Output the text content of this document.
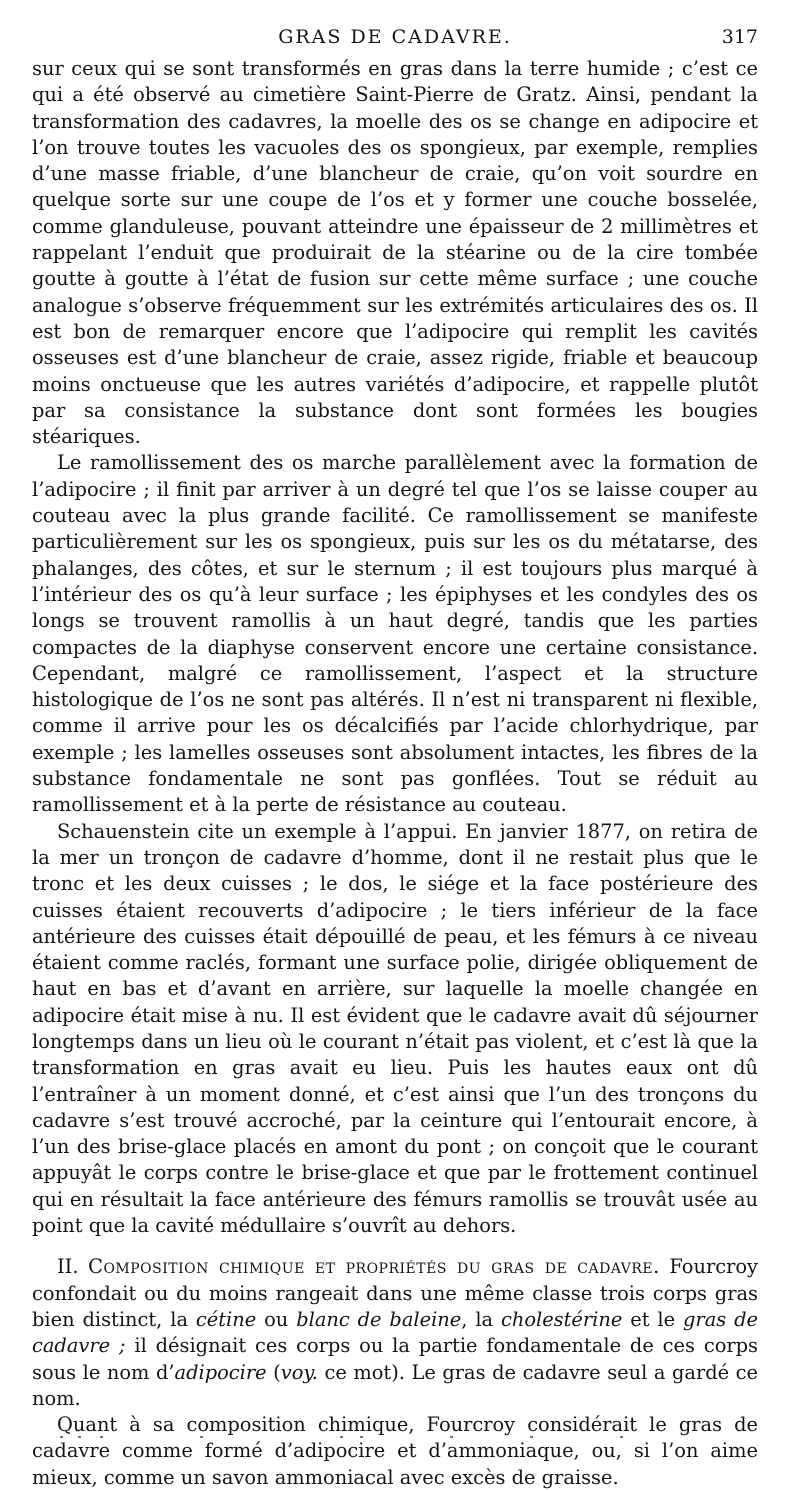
GRAS DE CADAVRE.	317

sur ceux qui se sont transformés en gras dans la terre humide ; c’est ce qui a été observé au cimetière Saint-Pierre de Gratz. Ainsi, pendant la transformation des cadavres, la moelle des os se change en adipocire et l’on trouve toutes les vacuoles des os spongieux, par exemple, remplies d’une masse friable, d’une blancheur de craie, qu’on voit sourdre en quelque sorte sur une coupe de l’os et y former une couche bosselée, comme glanduleuse, pouvant atteindre une épaisseur de 2 millimètres et rappelant l’enduit que produirait de la stéarine ou de la cire tombée goutte à goutte à l’état de fusion sur cette même surface ; une couche analogue s’observe fréquemment sur les extrémités articulaires des os. Il est bon de remarquer encore que l’adipocire qui remplit les cavités osseuses est d’une blancheur de craie, assez rigide, friable et beaucoup moins onctueuse que les autres variétés d’adipocire, et rappelle plutôt par sa consistance la substance dont sont formées les bougies stéariques.

Le ramollissement des os marche parallèlement avec la formation de l’adipocire ; il finit par arriver à un degré tel que l’os se laisse couper au couteau avec la plus grande facilité. Ce ramollissement se manifeste particulièrement sur les os spongieux, puis sur les os du métatarse, des phalanges, des côtes, et sur le sternum ; il est toujours plus marqué à l’intérieur des os qu’à leur surface ; les épiphyses et les condyles des os longs se trouvent ramollis à un haut degré, tandis que les parties compactes de la diaphyse conservent encore une certaine consistance. Cependant, malgré ce ramollissement, l’aspect et la structure histologique de l’os ne sont pas altérés. Il n’est ni transparent ni flexible, comme il arrive pour les os décalcifiés par l’acide chlorhydrique, par exemple ; les lamelles osseuses sont absolument intactes, les fibres de la substance fondamentale ne sont pas gonflées. Tout se réduit au ramollissement et à la perte de résistance au couteau.

Schauenstein cite un exemple à l’appui. En janvier 1877, on retira de la mer un tronçon de cadavre d’homme, dont il ne restait plus que le tronc et les deux cuisses ; le dos, le siége et la face postérieure des cuisses étaient recouverts d’adipocire ; le tiers inférieur de la face antérieure des cuisses était dépouillé de peau, et les fémurs à ce niveau étaient comme raclés, formant une surface polie, dirigée obliquement de haut en bas et d’avant en arrière, sur laquelle la moelle changée en adipocire était mise à nu. Il est évident que le cadavre avait dû séjourner longtemps dans un lieu où le courant n’était pas violent, et c’est là que la transformation en gras avait eu lieu. Puis les hautes eaux ont dû l’entraîner à un moment donné, et c’est ainsi que l’un des tronçons du cadavre s’est trouvé accroché, par la ceinture qui l’entourait encore, à l’un des brise-glace placés en amont du pont ; on conçoit que le courant appuyât le corps contre le brise-glace et que par le frottement continuel qui en résultait la face antérieure des fémurs ramollis se trouvât usée au point que la cavité médullaire s’ouvrît au dehors.

II. Composition chimique et propriétés du gras de cadavre. Fourcroy confondait ou du moins rangeait dans une même classe trois corps gras bien distinct, la cétine ou blanc de baleine, la cholestérine et le gras de cadavre ; il désignait ces corps ou la partie fondamentale de ces corps sous le nom d’adipocire (voy. ce mot). Le gras de cadavre seul a gardé ce nom.

Quant à sa composition chimique, Fourcroy considérait le gras de cadavre comme formé d’adipocire et d’ammoniaque, ou, si l’on aime mieux, comme un savon ammoniacal avec excès de graisse.
